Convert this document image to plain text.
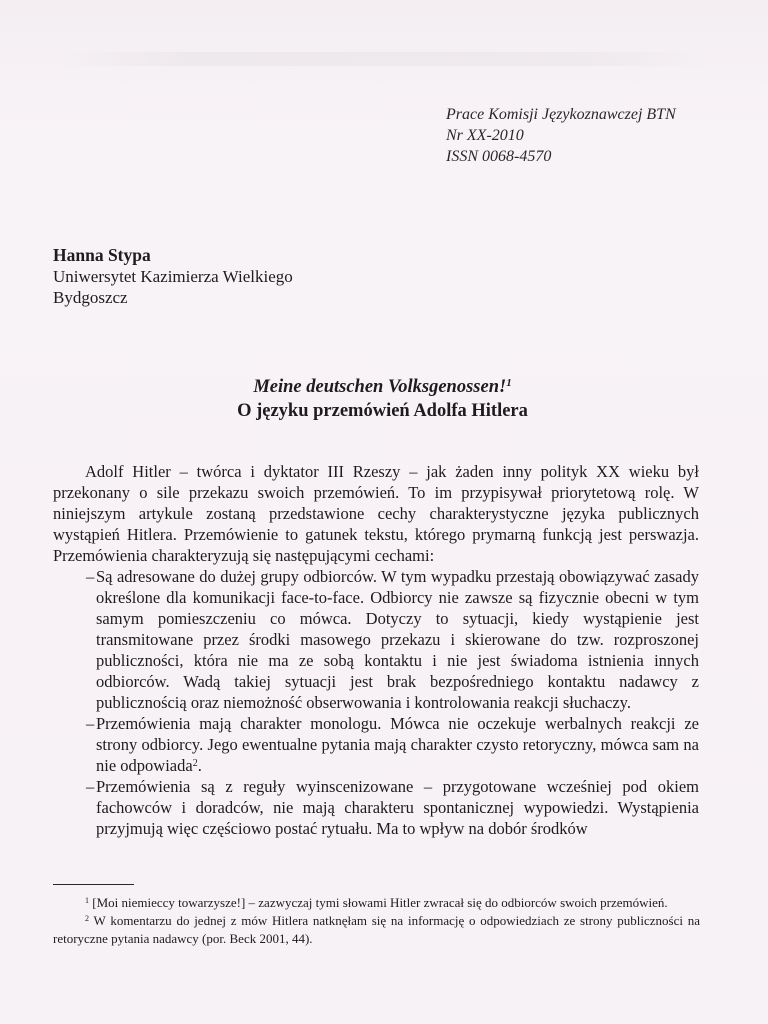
Prace Komisji Językoznawczej BTN
Nr XX-2010
ISSN 0068-4570
Hanna Stypa
Uniwersytet Kazimierza Wielkiego
Bydgoszcz
Meine deutschen Volksgenossen!$^1$
O języku przemówień Adolfa Hitlera

Adolf Hitler – twórca i dyktator III Rzeszy – jak żaden inny polityk XX wieku był przekonany o sile przekazu swoich przemówień. To im przypisywał priorytetową rolę. W niniejszym artykule zostaną przedstawione cechy charakterystyczne języka publicznych wystąpień Hitlera. Przemówienie to gatunek tekstu, którego prymarną funkcją jest perswazja. Przemówienia charakteryzują się następującymi cechami:

– Są adresowane do dużej grupy odbiorców. W tym wypadku przestają obowiązywać zasady określone dla komunikacji face-to-face. Odbiorcy nie zawsze są fizycznie obecni w tym samym pomieszczeniu co mówca. Dotyczy to sytuacji, kiedy wystąpienie jest transmitowane przez środki masowego przekazu i skierowane do tzw. rozproszonej publiczności, która nie ma ze sobą kontaktu i nie jest świadoma istnienia innych odbiorców. Wadą takiej sytuacji jest brak bezpośredniego kontaktu nadawcy z publicznością oraz niemożność obserwowania i kontrolowania reakcji słuchaczy.
– Przemówienia mają charakter monologu. Mówca nie oczekuje werbalnych reakcji ze strony odbiorcy. Jego ewentualne pytania mają charakter czysto retoryczny, mówca sam na nie odpowiada$^2$.
– Przemówienia są z reguły wyinscenizowane – przygotowane wcześniej pod okiem fachowców i doradców, nie mają charakteru spontanicznej wypowiedzi. Wystąpienia przyjmują więc częściowo postać rytuału. Ma to wpływ na dobór środków

$^1$ [Moi niemieccy towarzysze!] – zazwyczaj tymi słowami Hitler zwracał się do odbiorców swoich przemówień.

$^2$ W komentarzu do jednej z mów Hitlera natknęłam się na informację o odpowiedziach ze strony publiczności na retoryczne pytania nadawcy (por. Beck 2001, 44).
